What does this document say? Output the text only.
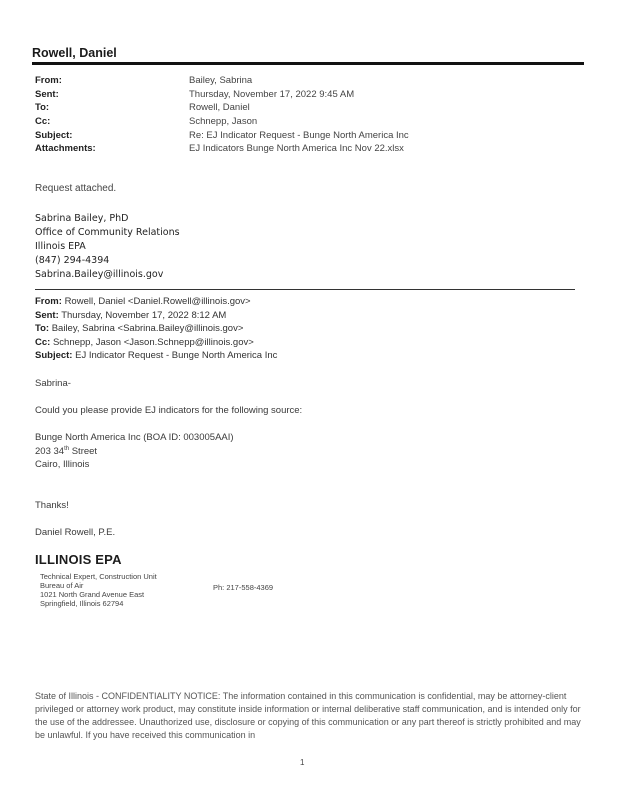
Rowell, Daniel
From:	Bailey, Sabrina
Sent:	Thursday, November 17, 2022 9:45 AM
To:	Rowell, Daniel
Cc:	Schnepp, Jason
Subject:	Re: EJ Indicator Request - Bunge North America Inc
Attachments:	EJ Indicators Bunge North America Inc Nov 22.xlsx
Request attached.
Sabrina Bailey, PhD
Office of Community Relations
Illinois EPA
(847) 294-4394
Sabrina.Bailey@illinois.gov
From: Rowell, Daniel <Daniel.Rowell@illinois.gov>
Sent: Thursday, November 17, 2022 8:12 AM
To: Bailey, Sabrina <Sabrina.Bailey@illinois.gov>
Cc: Schnepp, Jason <Jason.Schnepp@illinois.gov>
Subject: EJ Indicator Request - Bunge North America Inc
Sabrina-
Could you please provide EJ indicators for the following source:
Bunge North America Inc (BOA ID: 003005AAI)
203 34th Street
Cairo, Illinois
Thanks!
Daniel Rowell, P.E.
ILLINOIS EPA
Technical Expert, Construction Unit
Bureau of Air
1021 North Grand Avenue East
Springfield, Illinois 62794
Ph: 217-558-4369
State of Illinois - CONFIDENTIALITY NOTICE: The information contained in this communication is confidential, may be attorney-client privileged or attorney work product, may constitute inside information or internal deliberative staff communication, and is intended only for the use of the addressee. Unauthorized use, disclosure or copying of this communication or any part thereof is strictly prohibited and may be unlawful. If you have received this communication in
1
